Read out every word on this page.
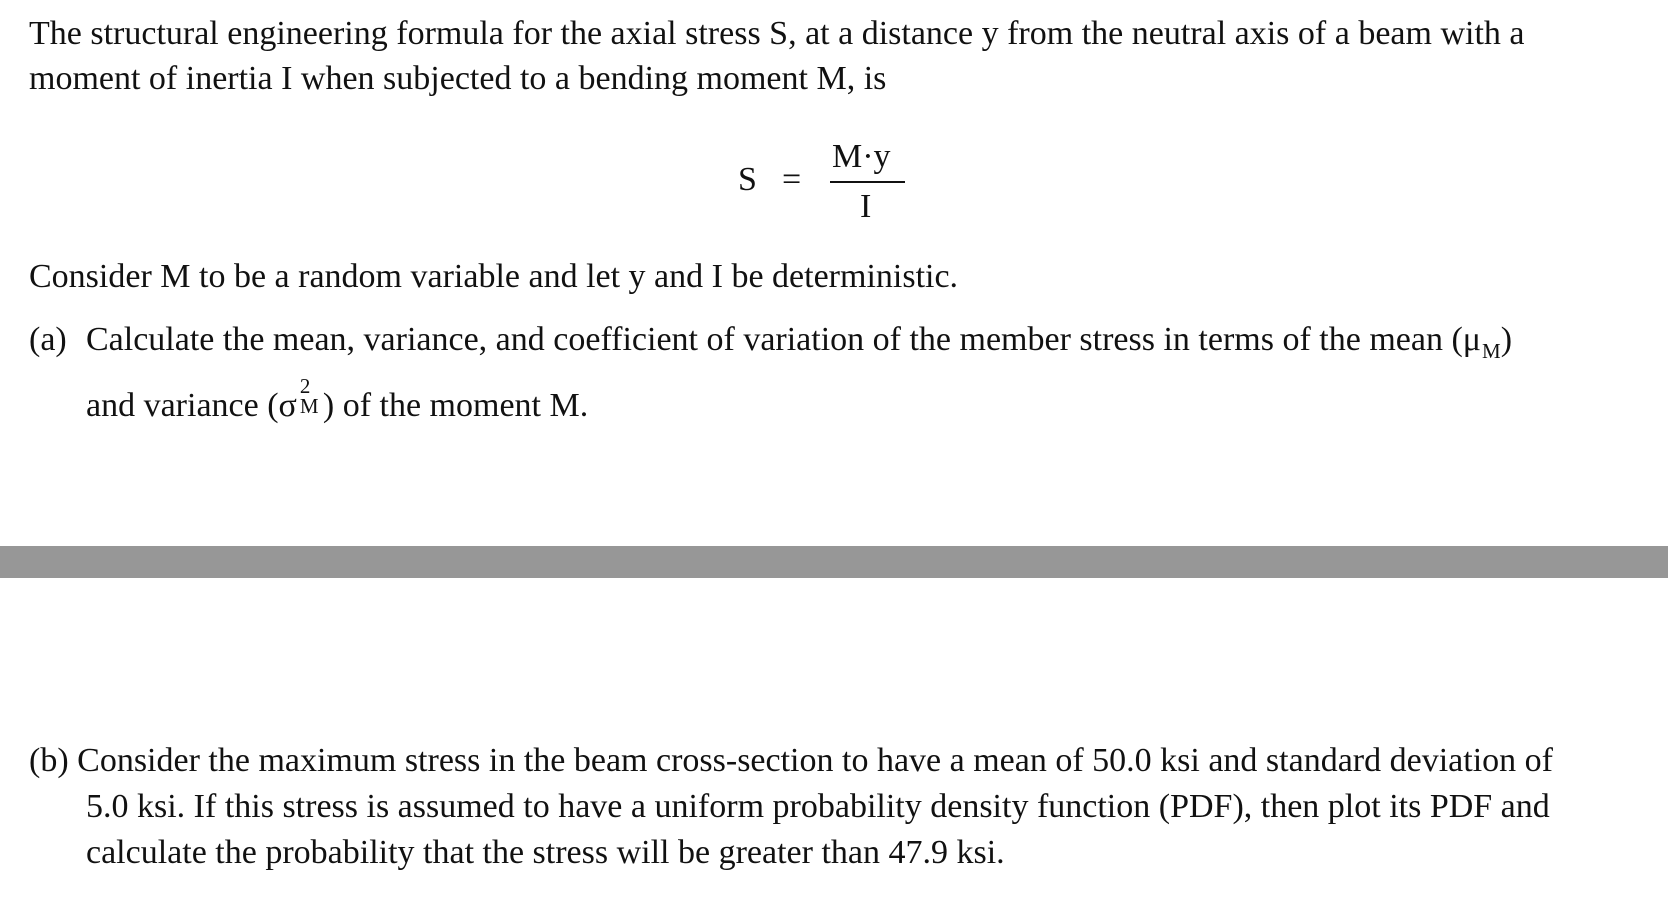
The structural engineering formula for the axial stress S, at a distance y from the neutral axis of a beam with a
moment of inertia I when subjected to a bending moment M, is
S =
M·y
I
Consider M to be a random variable and let y and I be deterministic.
(a) Calculate the mean, variance, and coefficient of variation of the member stress in terms of the mean $(\mu_M)$
and variance (σ
2
M ) of the moment M.
(b) Consider the maximum stress in the beam cross-section to have a mean of 50.0 ksi and standard deviation of
5.0 ksi. If this stress is assumed to have a uniform probability density function (PDF), then plot its PDF and
calculate the probability that the stress will be greater than 47.9 ksi.
